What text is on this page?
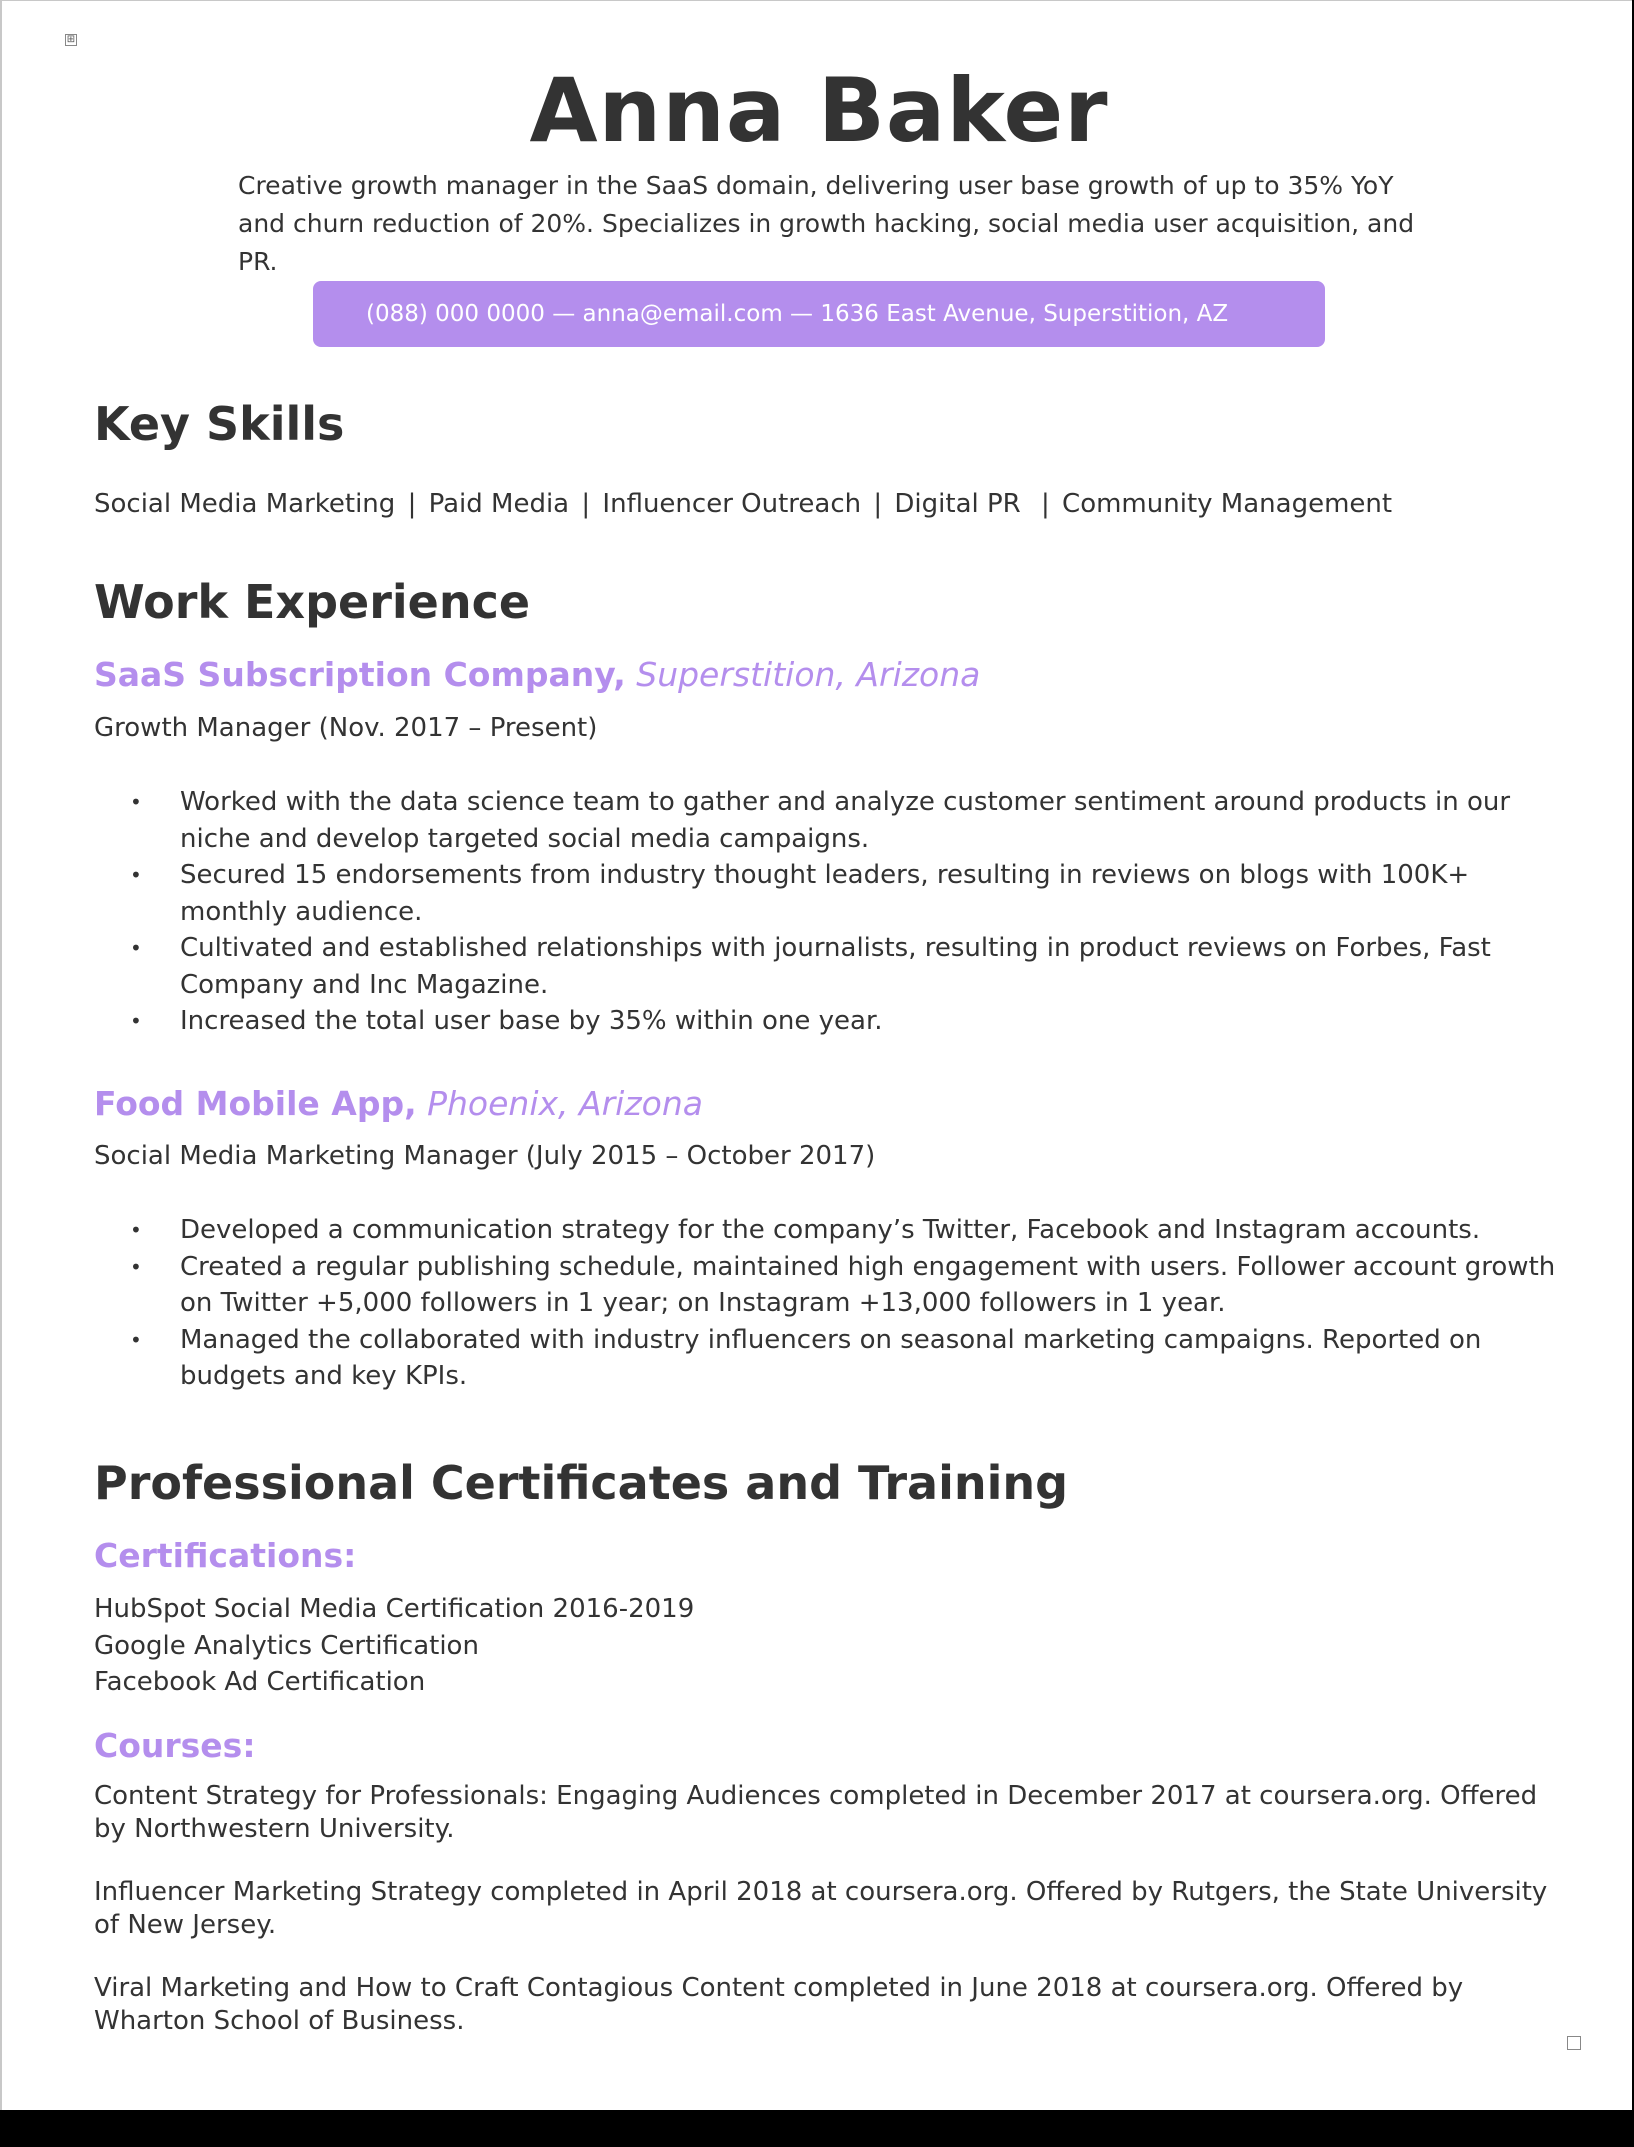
⊞
Anna Baker

Creative growth manager in the SaaS domain, delivering user base growth of up to 35% YoY and churn reduction of 20%. Specializes in growth hacking, social media user acquisition, and PR.

(088) 000 0000 — anna@email.com — 1636 East Avenue, Superstition, AZ
Key Skills

Social Media Marketing | Paid Media | Influencer Outreach | Digital PR | Community Management

Work Experience

SaaS Subscription Company, Superstition, Arizona

Growth Manager (Nov. 2017 – Present)

• Worked with the data science team to gather and analyze customer sentiment around products in our niche and develop targeted social media campaigns.
• Secured 15 endorsements from industry thought leaders, resulting in reviews on blogs with 100K+ monthly audience.
• Cultivated and established relationships with journalists, resulting in product reviews on Forbes, Fast Company and Inc Magazine.
• Increased the total user base by 35% within one year.

Food Mobile App, Phoenix, Arizona

Social Media Marketing Manager (July 2015 – October 2017)

• Developed a communication strategy for the company’s Twitter, Facebook and Instagram accounts.
• Created a regular publishing schedule, maintained high engagement with users. Follower account growth on Twitter +5,000 followers in 1 year; on Instagram +13,000 followers in 1 year.
• Managed the collaborated with industry influencers on seasonal marketing campaigns. Reported on budgets and key KPIs.
Professional Certificates and Training

Certifications:

HubSpot Social Media Certification 2016-2019
Google Analytics Certification
Facebook Ad Certification

Courses:

Content Strategy for Professionals: Engaging Audiences completed in December 2017 at coursera.org. Offered by Northwestern University.

Influencer Marketing Strategy completed in April 2018 at coursera.org. Offered by Rutgers, the State University of New Jersey.

Viral Marketing and How to Craft Contagious Content completed in June 2018 at coursera.org. Offered by Wharton School of Business.
